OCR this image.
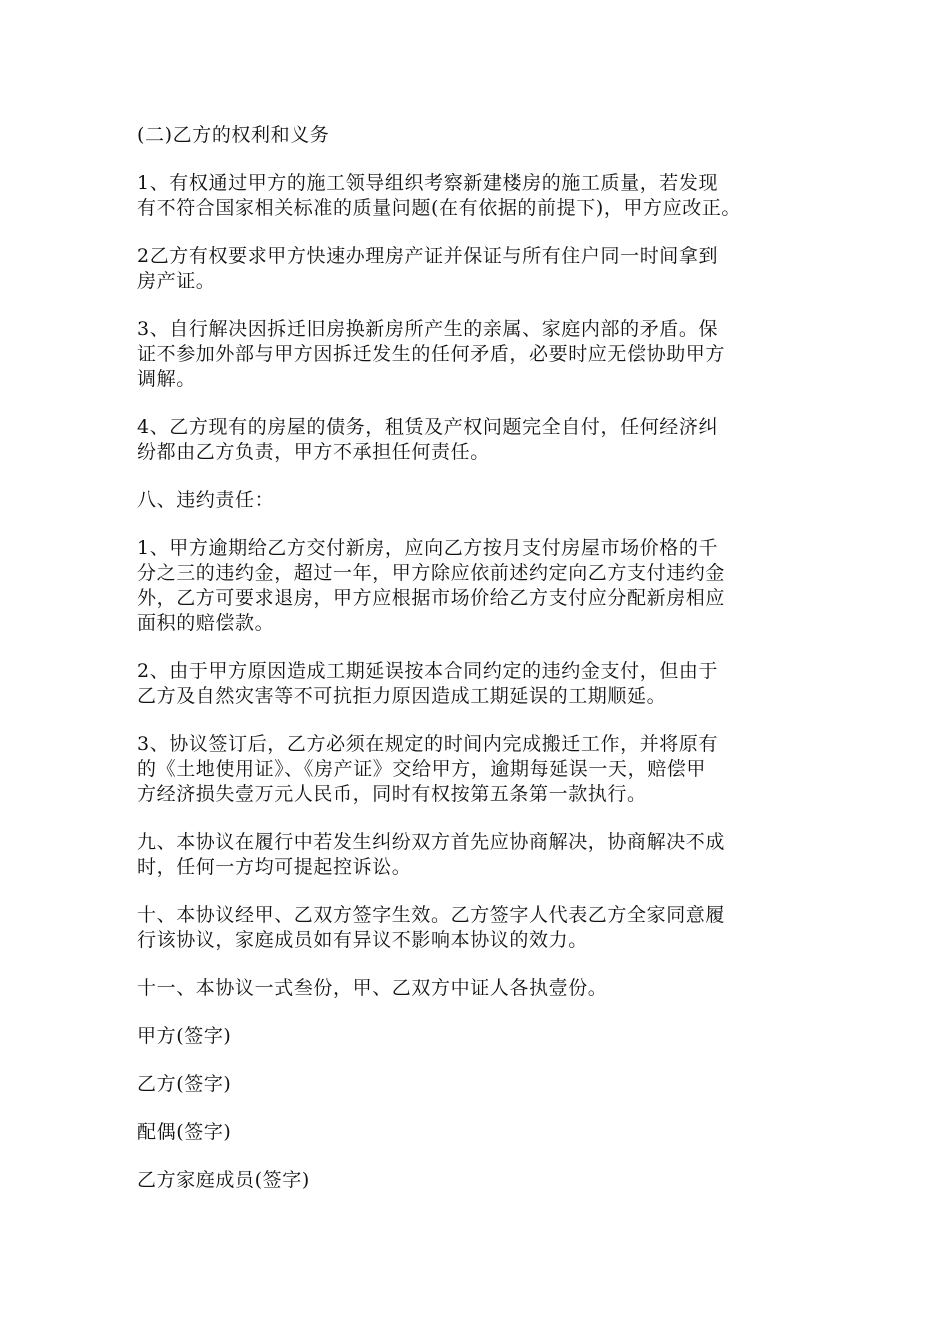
(二)乙方的权利和义务

1、有权通过甲方的施工领导组织考察新建楼房的施工质量，若发现
有不符合国家相关标准的质量问题(在有依据的前提下)，甲方应改正。

2乙方有权要求甲方快速办理房产证并保证与所有住户同一时间拿到
房产证。

3、自行解决因拆迁旧房换新房所产生的亲属、家庭内部的矛盾。保
证不参加外部与甲方因拆迁发生的任何矛盾，必要时应无偿协助甲方
调解。

4、乙方现有的房屋的债务，租赁及产权问题完全自付，任何经济纠
纷都由乙方负责，甲方不承担任何责任。

八、违约责任：

1、甲方逾期给乙方交付新房，应向乙方按月支付房屋市场价格的千
分之三的违约金，超过一年，甲方除应依前述约定向乙方支付违约金
外，乙方可要求退房，甲方应根据市场价给乙方支付应分配新房相应
面积的赔偿款。

2、由于甲方原因造成工期延误按本合同约定的违约金支付，但由于
乙方及自然灾害等不可抗拒力原因造成工期延误的工期顺延。

3、协议签订后，乙方必须在规定的时间内完成搬迁工作，并将原有
的《土地使用证》、《房产证》交给甲方，逾期每延误一天，赔偿甲
方经济损失壹万元人民币，同时有权按第五条第一款执行。

九、本协议在履行中若发生纠纷双方首先应协商解决，协商解决不成
时，任何一方均可提起控诉讼。

十、本协议经甲、乙双方签字生效。乙方签字人代表乙方全家同意履
行该协议，家庭成员如有异议不影响本协议的效力。

十一、本协议一式叁份，甲、乙双方中证人各执壹份。

甲方(签字)

乙方(签字)

配偶(签字)

乙方家庭成员(签字)
